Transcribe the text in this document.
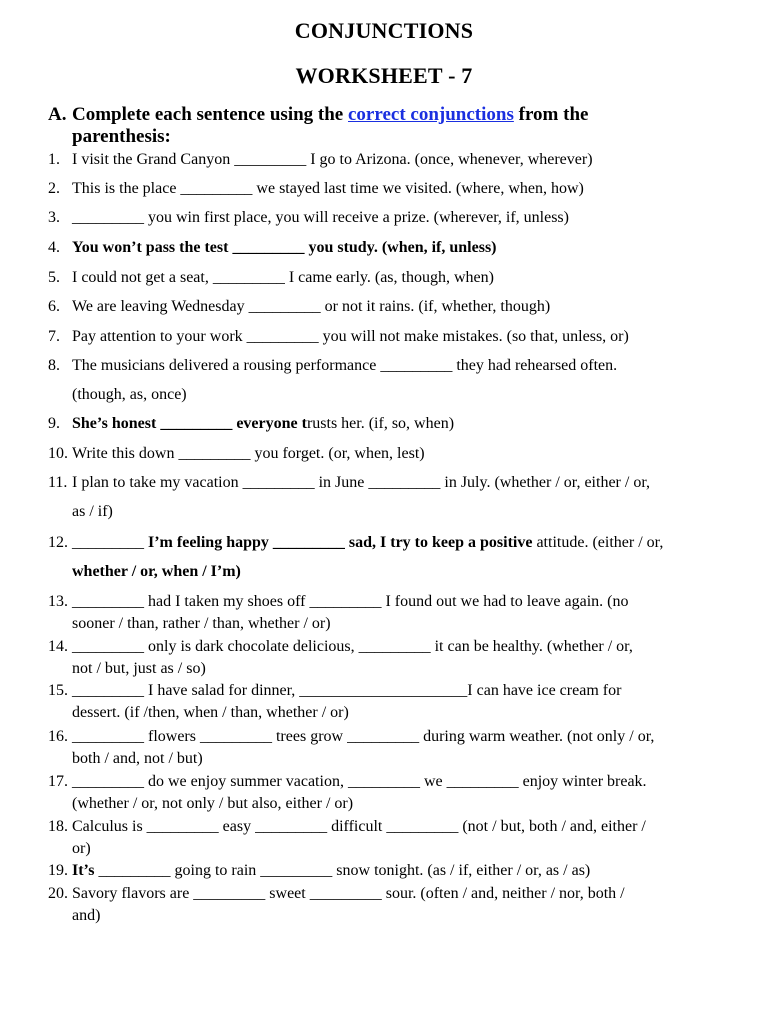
CONJUNCTIONS
WORKSHEET - 7
A. Complete each sentence using the correct conjunctions from the
parenthesis:
1. I visit the Grand Canyon _________ I go to Arizona. (once, whenever, wherever)
2. This is the place _________ we stayed last time we visited. (where, when, how)
3. _________ you win first place, you will receive a prize. (wherever, if, unless)
4. You won’t pass the test _________ you study. (when, if, unless)
5. I could not get a seat, _________ I came early. (as, though, when)
6. We are leaving Wednesday _________ or not it rains. (if, whether, though)
7. Pay attention to your work _________ you will not make mistakes. (so that, unless, or)
8. The musicians delivered a rousing performance _________ they had rehearsed often.
(though, as, once)
9. She’s honest _________ everyone trusts her. (if, so, when)
10. Write this down _________ you forget. (or, when, lest)
11. I plan to take my vacation _________ in June _________ in July. (whether / or, either / or,
as / if)
12. _________ I’m feeling happy _________ sad, I try to keep a positive attitude. (either / or,
whether / or, when / I’m)
13. _________ had I taken my shoes off _________ I found out we had to leave again. (no
sooner / than, rather / than, whether / or)
14. _________ only is dark chocolate delicious, _________ it can be healthy. (whether / or,
not / but, just as / so)
15. _________ I have salad for dinner, _____________________I can have ice cream for
dessert. (if /then, when / than, whether / or)
16. _________ flowers _________ trees grow _________ during warm weather. (not only / or,
both / and, not / but)
17. _________ do we enjoy summer vacation, _________ we _________ enjoy winter break.
(whether / or, not only / but also, either / or)
18. Calculus is _________ easy _________ difficult _________ (not / but, both / and, either /
or)
19. It’s _________ going to rain _________ snow tonight. (as / if, either / or, as / as)
20. Savory flavors are _________ sweet _________ sour. (often / and, neither / nor, both /
and)
